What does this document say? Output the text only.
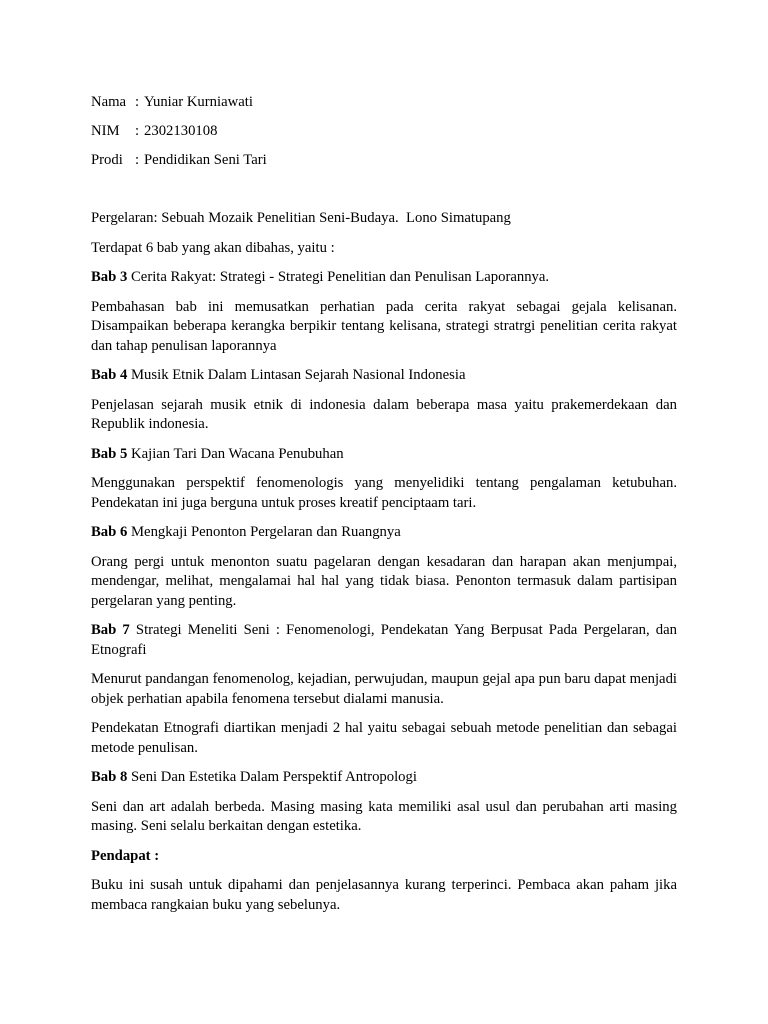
Nama : Yuniar Kurniawati
NIM	: 2302130108
Prodi : Pendidikan Seni Tari

Pergelaran: Sebuah Mozaik Penelitian Seni-Budaya.  Lono Simatupang

Terdapat 6 bab yang akan dibahas, yaitu :

Bab 3 Cerita Rakyat: Strategi - Strategi Penelitian dan Penulisan Laporannya.

Pembahasan bab ini memusatkan perhatian pada cerita rakyat sebagai gejala kelisanan. Disampaikan beberapa kerangka berpikir tentang kelisana, strategi stratrgi penelitian cerita rakyat dan tahap penulisan laporannya

Bab 4 Musik Etnik Dalam Lintasan Sejarah Nasional Indonesia

Penjelasan sejarah musik etnik di indonesia dalam beberapa masa yaitu prakemerdekaan dan Republik indonesia.

Bab 5 Kajian Tari Dan Wacana Penubuhan

Menggunakan perspektif fenomenologis yang menyelidiki tentang pengalaman ketubuhan. Pendekatan ini juga berguna untuk proses kreatif penciptaam tari.

Bab 6 Mengkaji Penonton Pergelaran dan Ruangnya

Orang pergi untuk menonton suatu pagelaran dengan kesadaran dan harapan akan menjumpai, mendengar, melihat, mengalamai hal hal yang tidak biasa. Penonton termasuk dalam partisipan pergelaran yang penting.

Bab 7 Strategi Meneliti Seni : Fenomenologi, Pendekatan Yang Berpusat Pada Pergelaran, dan Etnografi

Menurut pandangan fenomenolog, kejadian, perwujudan, maupun gejal apa pun baru dapat menjadi objek perhatian apabila fenomena tersebut dialami manusia.

Pendekatan Etnografi diartikan menjadi 2 hal yaitu sebagai sebuah metode penelitian dan sebagai metode penulisan.

Bab 8 Seni Dan Estetika Dalam Perspektif Antropologi

Seni dan art adalah berbeda. Masing masing kata memiliki asal usul dan perubahan arti masing masing. Seni selalu berkaitan dengan estetika.

Pendapat :

Buku ini susah untuk dipahami dan penjelasannya kurang terperinci. Pembaca akan paham jika membaca rangkaian buku yang sebelunya.
